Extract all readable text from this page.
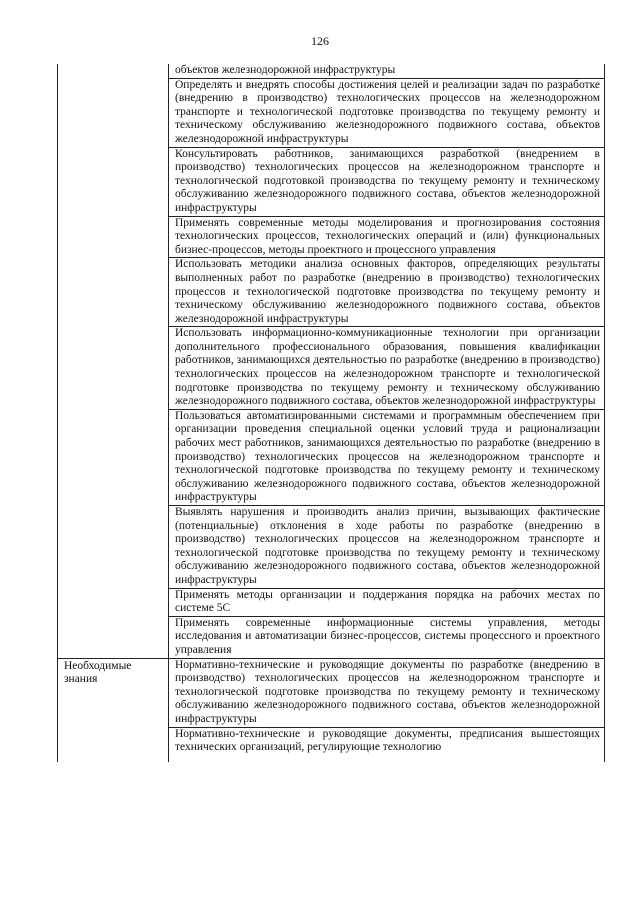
126
	объектов железнодорожной инфраструктуры
	Определять и внедрять способы достижения целей и реализации задач по разработке (внедрению в производство) технологических процессов на железнодорожном транспорте и технологической подготовке производства по текущему ремонту и техническому обслуживанию железнодорожного подвижного состава, объектов железнодорожной инфраструктуры
	Консультировать работников, занимающихся разработкой (внедрением в производство) технологических процессов на железнодорожном транспорте и технологической подготовкой производства по текущему ремонту и техническому обслуживанию железнодорожного подвижного состава, объектов железнодорожной инфраструктуры
	Применять современные методы моделирования и прогнозирования состояния технологических процессов, технологических операций и (или) функциональных бизнес-процессов, методы проектного и процессного управления
	Использовать методики анализа основных факторов, определяющих результаты выполненных работ по разработке (внедрению в производство) технологических процессов и технологической подготовке производства по текущему ремонту и техническому обслуживанию железнодорожного подвижного состава, объектов железнодорожной инфраструктуры
	Использовать информационно-коммуникационные технологии при организации дополнительного профессионального образования, повышения квалификации работников, занимающихся деятельностью по разработке (внедрению в производство) технологических процессов на железнодорожном транспорте и технологической подготовке производства по текущему ремонту и техническому обслуживанию железнодорожного подвижного состава, объектов железнодорожной инфраструктуры
	Пользоваться автоматизированными системами и программным обеспечением при организации проведения специальной оценки условий труда и рационализации рабочих мест работников, занимающихся деятельностью по разработке (внедрению в производство) технологических процессов на железнодорожном транспорте и технологической подготовке производства по текущему ремонту и техническому обслуживанию железнодорожного подвижного состава, объектов железнодорожной инфраструктуры
	Выявлять нарушения и производить анализ причин, вызывающих фактические (потенциальные) отклонения в ходе работы по разработке (внедрению в производство) технологических процессов на железнодорожном транспорте и технологической подготовке производства по текущему ремонту и техническому обслуживанию железнодорожного подвижного состава, объектов железнодорожной инфраструктуры
	Применять методы организации и поддержания порядка на рабочих местах по системе 5С
	Применять современные информационные системы управления, методы исследования и автоматизации бизнес-процессов, системы процессного и проектного управления
Необходимые знания	Нормативно-технические и руководящие документы по разработке (внедрению в производство) технологических процессов на железнодорожном транспорте и технологической подготовке производства по текущему ремонту и техническому обслуживанию железнодорожного подвижного состава, объектов железнодорожной инфраструктуры
	Нормативно-технические и руководящие документы, предписания вышестоящих технических организаций, регулирующие технологию
